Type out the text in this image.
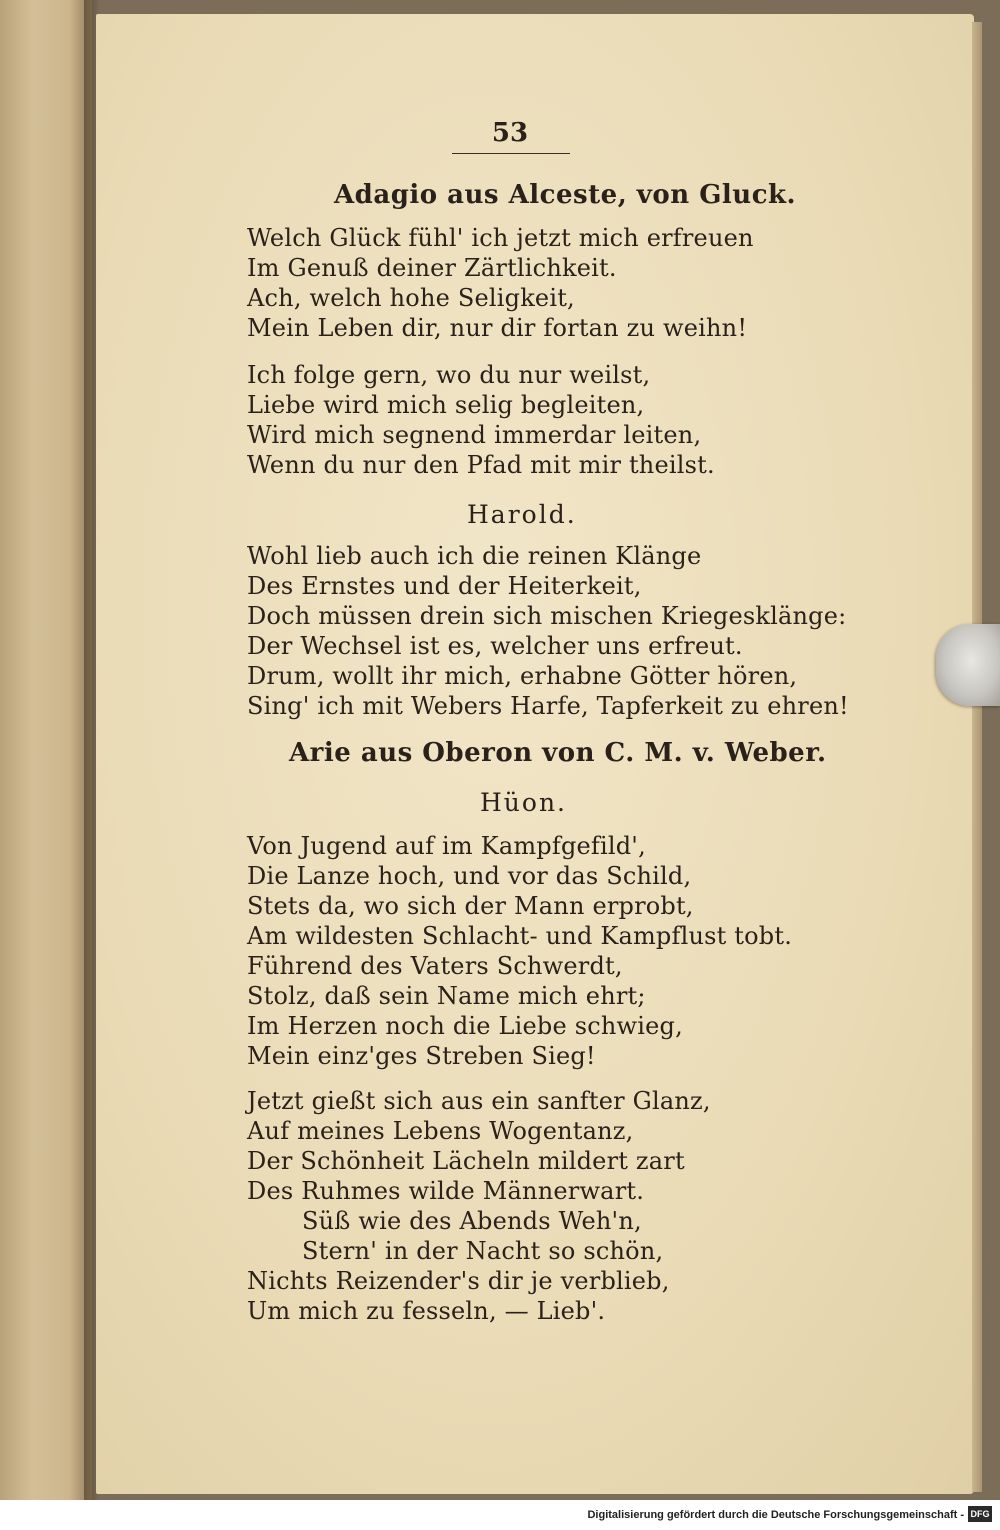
53
Adagio aus Alceste, von Gluck.
Welch Glück fühl' ich jetzt mich erfreuen
Im Genuß deiner Zärtlichkeit.
Ach, welch hohe Seligkeit,
Mein Leben dir, nur dir fortan zu weihn!
Ich folge gern, wo du nur weilst,
Liebe wird mich selig begleiten,
Wird mich segnend immerdar leiten,
Wenn du nur den Pfad mit mir theilst.
Harold.
Wohl lieb auch ich die reinen Klänge
Des Ernstes und der Heiterkeit,
Doch müssen drein sich mischen Kriegesklänge:
Der Wechsel ist es, welcher uns erfreut.
Drum, wollt ihr mich, erhabne Götter hören,
Sing' ich mit Webers Harfe, Tapferkeit zu ehren!
Arie aus Oberon von C. M. v. Weber.
Hüon.
Von Jugend auf im Kampfgefild',
Die Lanze hoch, und vor das Schild,
Stets da, wo sich der Mann erprobt,
Am wildesten Schlacht- und Kampflust tobt.
Führend des Vaters Schwerdt,
Stolz, daß sein Name mich ehrt;
Im Herzen noch die Liebe schwieg,
Mein einz'ges Streben Sieg!
Jetzt gießt sich aus ein sanfter Glanz,
Auf meines Lebens Wogentanz,
Der Schönheit Lächeln mildert zart
Des Ruhmes wilde Männerwart.
Süß wie des Abends Weh'n,
Stern' in der Nacht so schön,
Nichts Reizender's dir je verblieb,
Um mich zu fesseln, — Lieb'.
Digitalisierung gefördert durch die Deutsche Forschungsgemeinschaft - DFG
